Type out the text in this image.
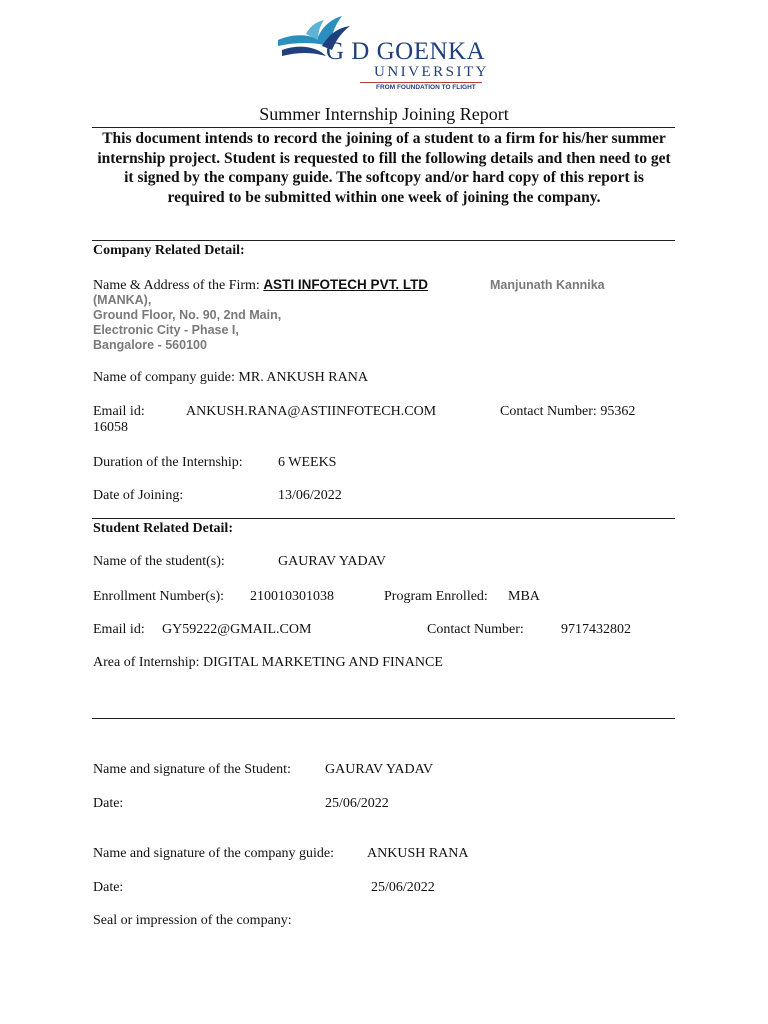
G D GOENKA
UNIVERSITY
FROM FOUNDATION TO FLIGHT
Summer Internship Joining Report
This document intends to record the joining of a student to a firm for his/her summer internship project. Student is requested to fill the following details and then need to get it signed by the company guide. The softcopy and/or hard copy of this report is required to be submitted within one week of joining the company.
Company Related Detail:
Name & Address of the Firm: ASTI INFOTECH PVT. LTD	Manjunath Kannika
(MANKA),
Ground Floor, No. 90, 2nd Main,
Electronic City - Phase I,
Bangalore - 560100
Name of company guide: MR. ANKUSH RANA
Email id:	ANKUSH.RANA@ASTIINFOTECH.COM	Contact Number: 95362
16058
Duration of the Internship:	6 WEEKS
Date of Joining:	13/06/2022
Student Related Detail:
Name of the student(s):	GAURAV YADAV
Enrollment Number(s): 210010301038	Program Enrolled: MBA
Email id: GY59222@GMAIL.COM	Contact Number:	9717432802
Area of Internship: DIGITAL MARKETING AND FINANCE
Name and signature of the Student: GAURAV YADAV
Date:	25/06/2022
Name and signature of the company guide: ANKUSH RANA
Date:	25/06/2022
Seal or impression of the company:
